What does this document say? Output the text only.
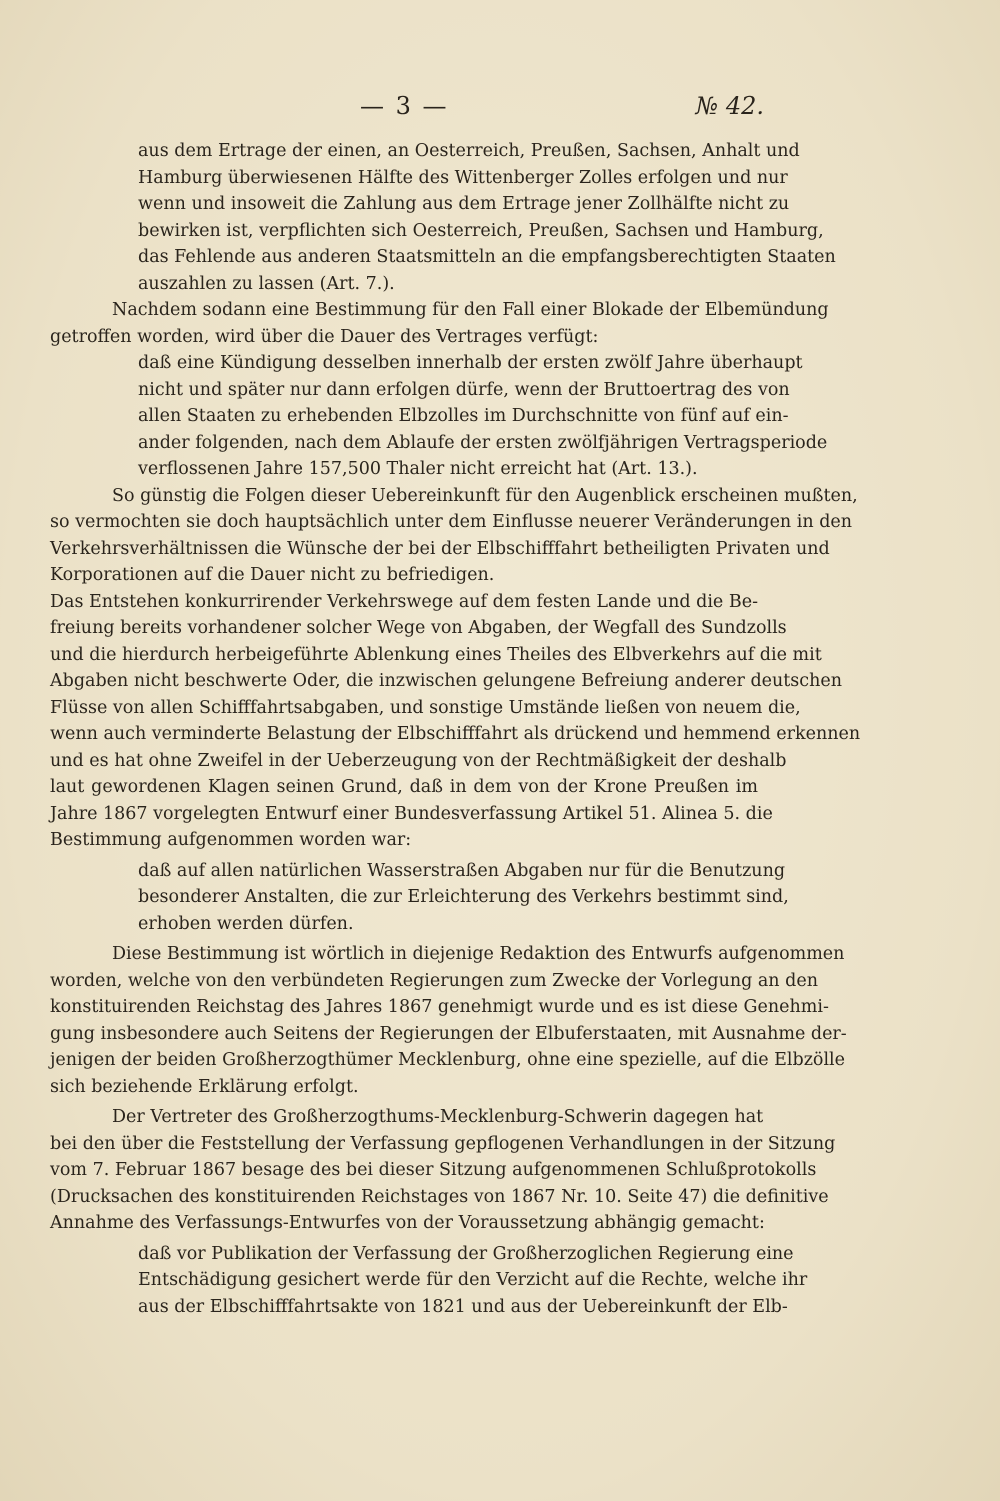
— 3 —	№ 42.
aus dem Ertrage der einen, an Oesterreich, Preußen, Sachsen, Anhalt und
Hamburg überwiesenen Hälfte des Wittenberger Zolles erfolgen und nur
wenn und insoweit die Zahlung aus dem Ertrage jener Zollhälfte nicht zu
bewirken ist, verpflichten sich Oesterreich, Preußen, Sachsen und Hamburg,
das Fehlende aus anderen Staatsmitteln an die empfangsberechtigten Staaten
auszahlen zu lassen (Art. 7.).
Nachdem sodann eine Bestimmung für den Fall einer Blokade der Elbemündung
getroffen worden, wird über die Dauer des Vertrages verfügt:
daß eine Kündigung desselben innerhalb der ersten zwölf Jahre überhaupt
nicht und später nur dann erfolgen dürfe, wenn der Bruttoertrag des von
allen Staaten zu erhebenden Elbzolles im Durchschnitte von fünf auf ein-
ander folgenden, nach dem Ablaufe der ersten zwölfjährigen Vertragsperiode
verflossenen Jahre 157,500 Thaler nicht erreicht hat (Art. 13.).
So günstig die Folgen dieser Uebereinkunft für den Augenblick erscheinen mußten,
so vermochten sie doch hauptsächlich unter dem Einflusse neuerer Veränderungen in den
Verkehrsverhältnissen die Wünsche der bei der Elbschifffahrt betheiligten Privaten und
Korporationen auf die Dauer nicht zu befriedigen.
Das Entstehen konkurrirender Verkehrswege auf dem festen Lande und die Be-
freiung bereits vorhandener solcher Wege von Abgaben, der Wegfall des Sundzolls
und die hierdurch herbeigeführte Ablenkung eines Theiles des Elbverkehrs auf die mit
Abgaben nicht beschwerte Oder, die inzwischen gelungene Befreiung anderer deutschen
Flüsse von allen Schifffahrtsabgaben, und sonstige Umstände ließen von neuem die,
wenn auch verminderte Belastung der Elbschifffahrt als drückend und hemmend erkennen
und es hat ohne Zweifel in der Ueberzeugung von der Rechtmäßigkeit der deshalb
laut gewordenen Klagen seinen Grund, daß in dem von der Krone Preußen im
Jahre 1867 vorgelegten Entwurf einer Bundesverfassung Artikel 51. Alinea 5. die
Bestimmung aufgenommen worden war:
daß auf allen natürlichen Wasserstraßen Abgaben nur für die Benutzung
besonderer Anstalten, die zur Erleichterung des Verkehrs bestimmt sind,
erhoben werden dürfen.
Diese Bestimmung ist wörtlich in diejenige Redaktion des Entwurfs aufgenommen
worden, welche von den verbündeten Regierungen zum Zwecke der Vorlegung an den
konstituirenden Reichstag des Jahres 1867 genehmigt wurde und es ist diese Genehmi-
gung insbesondere auch Seitens der Regierungen der Elbuferstaaten, mit Ausnahme der-
jenigen der beiden Großherzogthümer Mecklenburg, ohne eine spezielle, auf die Elbzölle
sich beziehende Erklärung erfolgt.
Der Vertreter des Großherzogthums-Mecklenburg-Schwerin dagegen hat
bei den über die Feststellung der Verfassung gepflogenen Verhandlungen in der Sitzung
vom 7. Februar 1867 besage des bei dieser Sitzung aufgenommenen Schlußprotokolls
(Drucksachen des konstituirenden Reichstages von 1867 Nr. 10. Seite 47) die definitive
Annahme des Verfassungs-Entwurfes von der Voraussetzung abhängig gemacht:
daß vor Publikation der Verfassung der Großherzoglichen Regierung eine
Entschädigung gesichert werde für den Verzicht auf die Rechte, welche ihr
aus der Elbschifffahrtsakte von 1821 und aus der Uebereinkunft der Elb-
